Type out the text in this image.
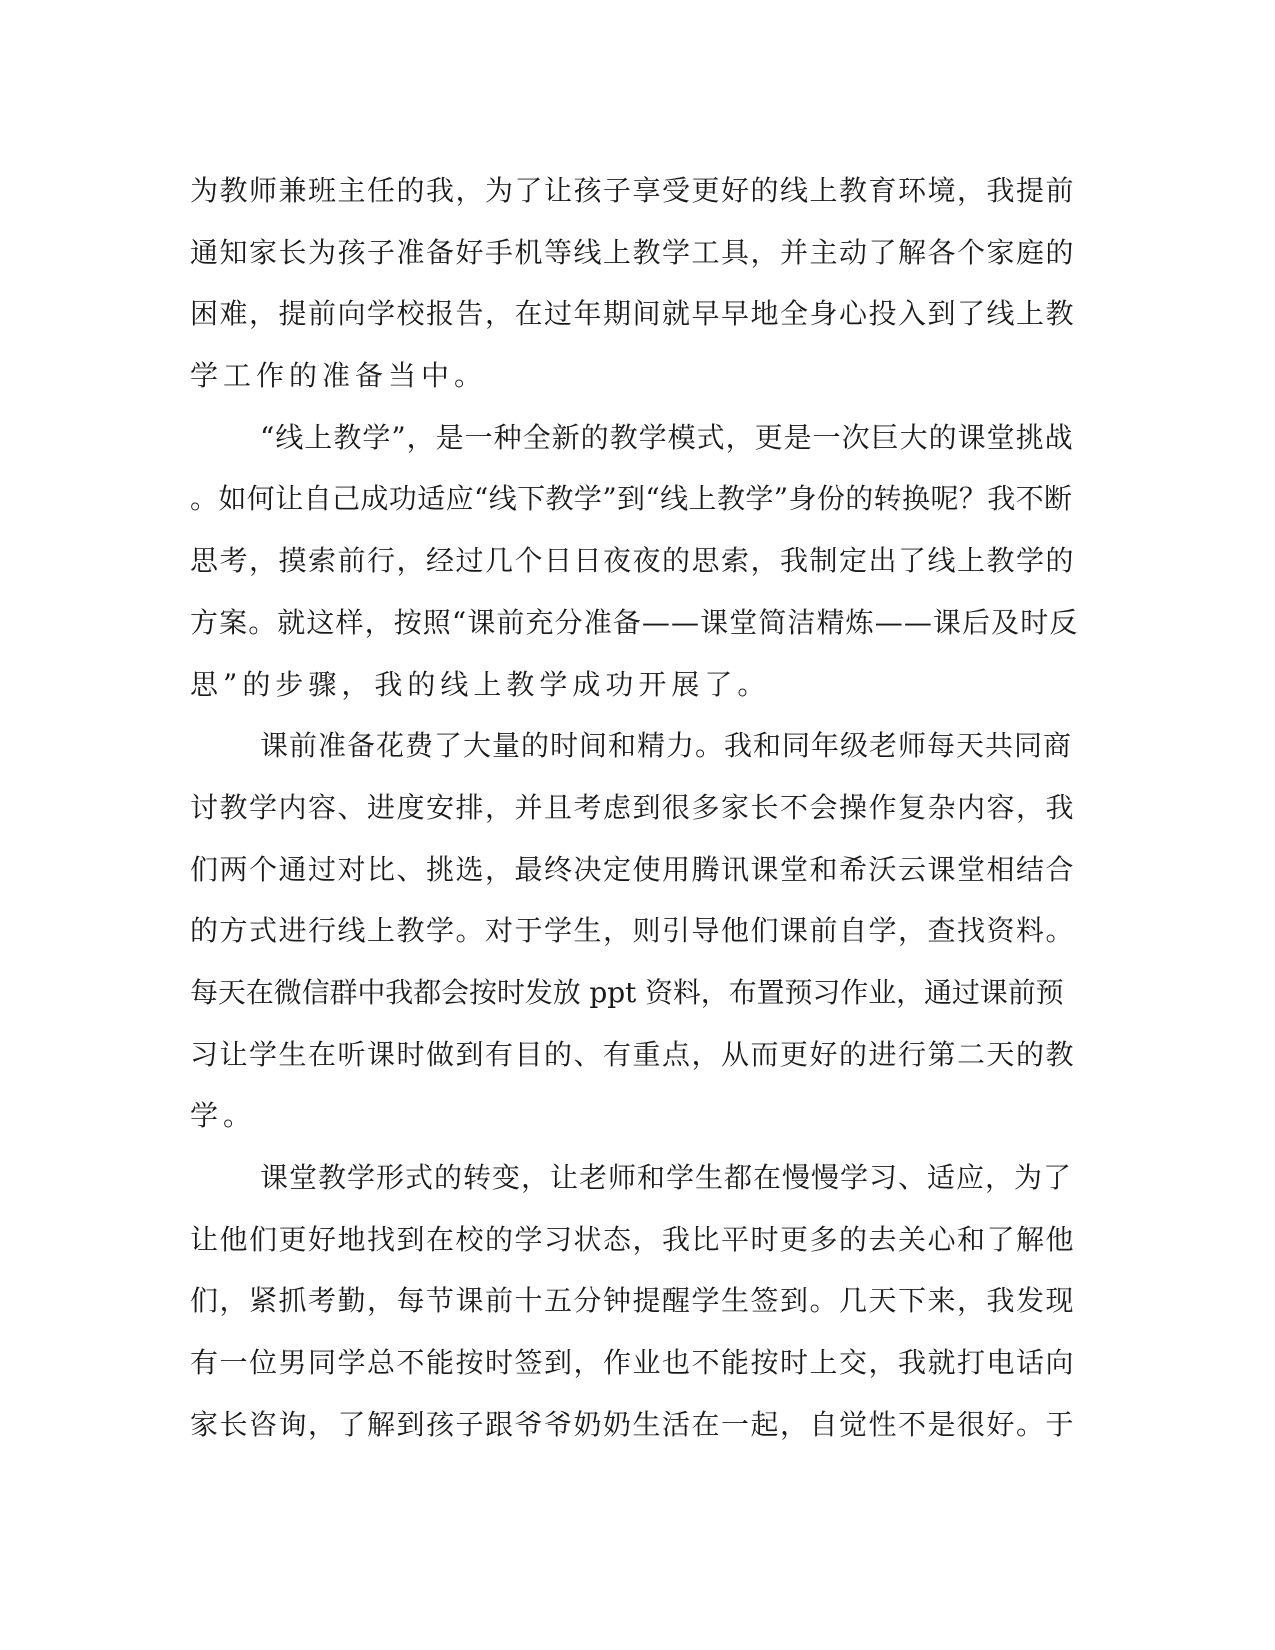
为教师兼班主任的我，为了让孩子享受更好的线上教育环境，我提前
通知家长为孩子准备好手机等线上教学工具，并主动了解各个家庭的
困难，提前向学校报告，在过年期间就早早地全身心投入到了线上教
学工作的准备当中。
“线上教学”，是一种全新的教学模式，更是一次巨大的课堂挑战
。如何让自己成功适应“线下教学”到“线上教学”身份的转换呢？我不断
思考，摸索前行，经过几个日日夜夜的思索，我制定出了线上教学的
方案。就这样，按照“课前充分准备——课堂简洁精炼——课后及时反
思”的步骤，我的线上教学成功开展了。
课前准备花费了大量的时间和精力。我和同年级老师每天共同商
讨教学内容、进度安排，并且考虑到很多家长不会操作复杂内容，我
们两个通过对比、挑选，最终决定使用腾讯课堂和希沃云课堂相结合
的方式进行线上教学。对于学生，则引导他们课前自学，查找资料。
每天在微信群中我都会按时发放 ppt 资料，布置预习作业，通过课前预
习让学生在听课时做到有目的、有重点，从而更好的进行第二天的教
学。
课堂教学形式的转变，让老师和学生都在慢慢学习、适应，为了
让他们更好地找到在校的学习状态，我比平时更多的去关心和了解他
们，紧抓考勤，每节课前十五分钟提醒学生签到。几天下来，我发现
有一位男同学总不能按时签到，作业也不能按时上交，我就打电话向
家长咨询，了解到孩子跟爷爷奶奶生活在一起，自觉性不是很好。于
